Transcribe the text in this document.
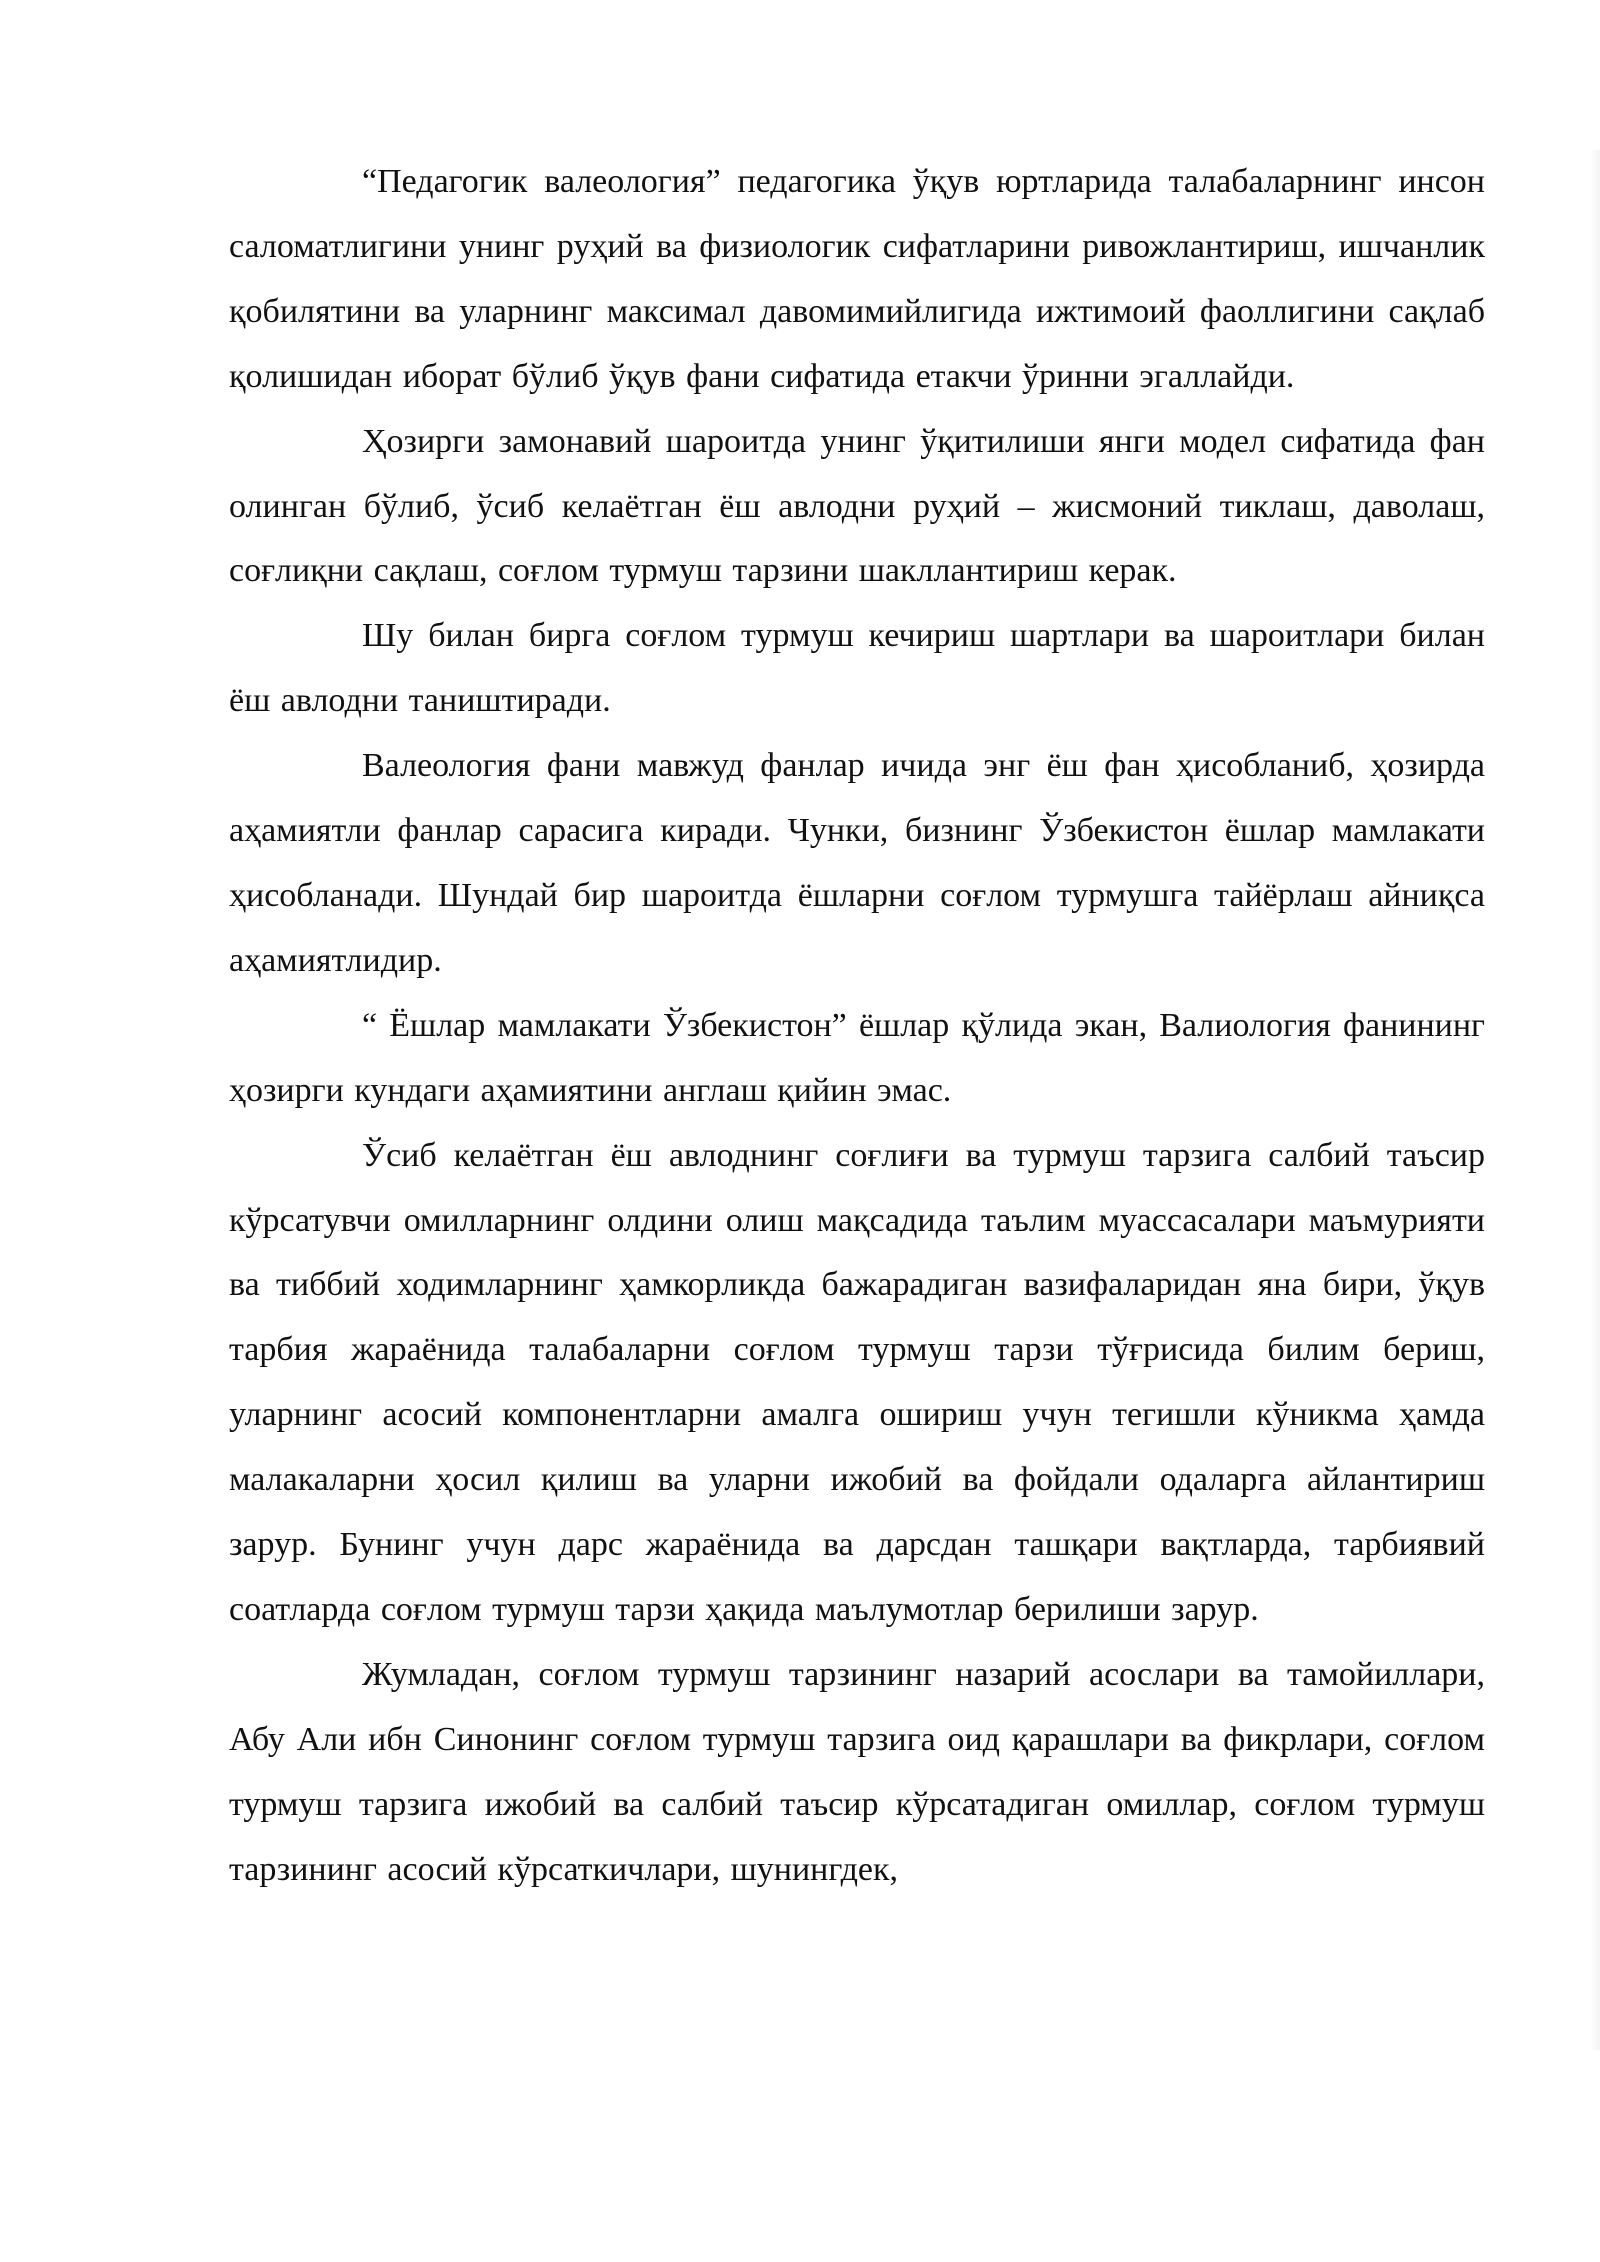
“Педагогик валеология” педагогика ўқув юртларида талабаларнинг инсон саломатлигини унинг руҳий ва физиологик сифатларини ривожлантириш, ишчанлик қобилятини ва уларнинг максимал давомимийлигида ижтимоий фаоллигини сақлаб қолишидан иборат бўлиб ўқув фани сифатида етакчи ўринни эгаллайди.

Ҳозирги замонавий шароитда унинг ўқитилиши янги модел сифатида фан олинган бўлиб, ўсиб келаётган ёш авлодни руҳий – жисмоний тиклаш, даволаш, соғлиқни сақлаш, соғлом турмуш тарзини шакллантириш керак.

Шу билан бирга соғлом турмуш кечириш шартлари ва шароитлари билан ёш авлодни таништиради.

Валеология фани мавжуд фанлар ичида энг ёш фан ҳисобланиб, ҳозирда аҳамиятли фанлар сарасига киради. Чунки, бизнинг Ўзбекистон ёшлар мамлакати ҳисобланади. Шундай бир шароитда ёшларни соғлом турмушга тайёрлаш айниқса аҳамиятлидир.

“ Ёшлар мамлакати Ўзбекистон” ёшлар қўлида экан, Валиология фанининг ҳозирги кундаги аҳамиятини англаш қийин эмас.

Ўсиб келаётган ёш авлоднинг соғлиғи ва турмуш тарзига салбий таъсир кўрсатувчи омилларнинг олдини олиш мақсадида таълим муассасалари маъмурияти ва тиббий ходимларнинг ҳамкорликда бажарадиган вазифаларидан яна бири, ўқув тарбия жараёнида талабаларни соғлом турмуш тарзи тўғрисида билим бериш, уларнинг асосий компонентларни амалга ошириш учун тегишли кўникма ҳамда малакаларни ҳосил қилиш ва уларни ижобий ва фойдали одаларга айлантириш зарур. Бунинг учун дарс жараёнида ва дарсдан ташқари вақтларда, тарбиявий соатларда соғлом турмуш тарзи ҳақида маълумотлар берилиши зарур.

Жумладан, соғлом турмуш тарзининг назарий асослари ва тамойиллари, Абу Али ибн Синонинг соғлом турмуш тарзига оид қарашлари ва фикрлари, соғлом турмуш тарзига ижобий ва салбий таъсир кўрсатадиган омиллар, соғлом турмуш тарзининг асосий кўрсаткичлари, шунингдек,
